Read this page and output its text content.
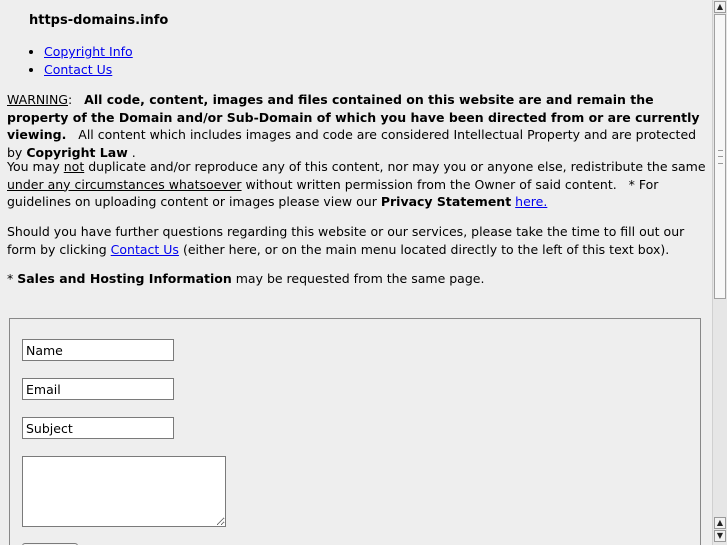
https-domains.info

• Copyright Info
• Contact Us

WARNING: All code, content, images and files contained on this website are and remain the property of the Domain and/or Sub-Domain of which you have been directed from or are currently viewing. All content which includes images and code are considered Intellectual Property and are protected by Copyright Law .

You may not duplicate and/or reproduce any of this content, nor may you or anyone else, redistribute the same under any circumstances whatsoever without written permission from the Owner of said content. * For guidelines on uploading content or images please view our Privacy Statement here.

Should you have further questions regarding this website or our services, please take the time to fill out our form by clicking Contact Us (either here, or on the main menu located directly to the left of this text box).

* Sales and Hosting Information may be requested from the same page.

Name
Email
Subject
▲
▲
▼
